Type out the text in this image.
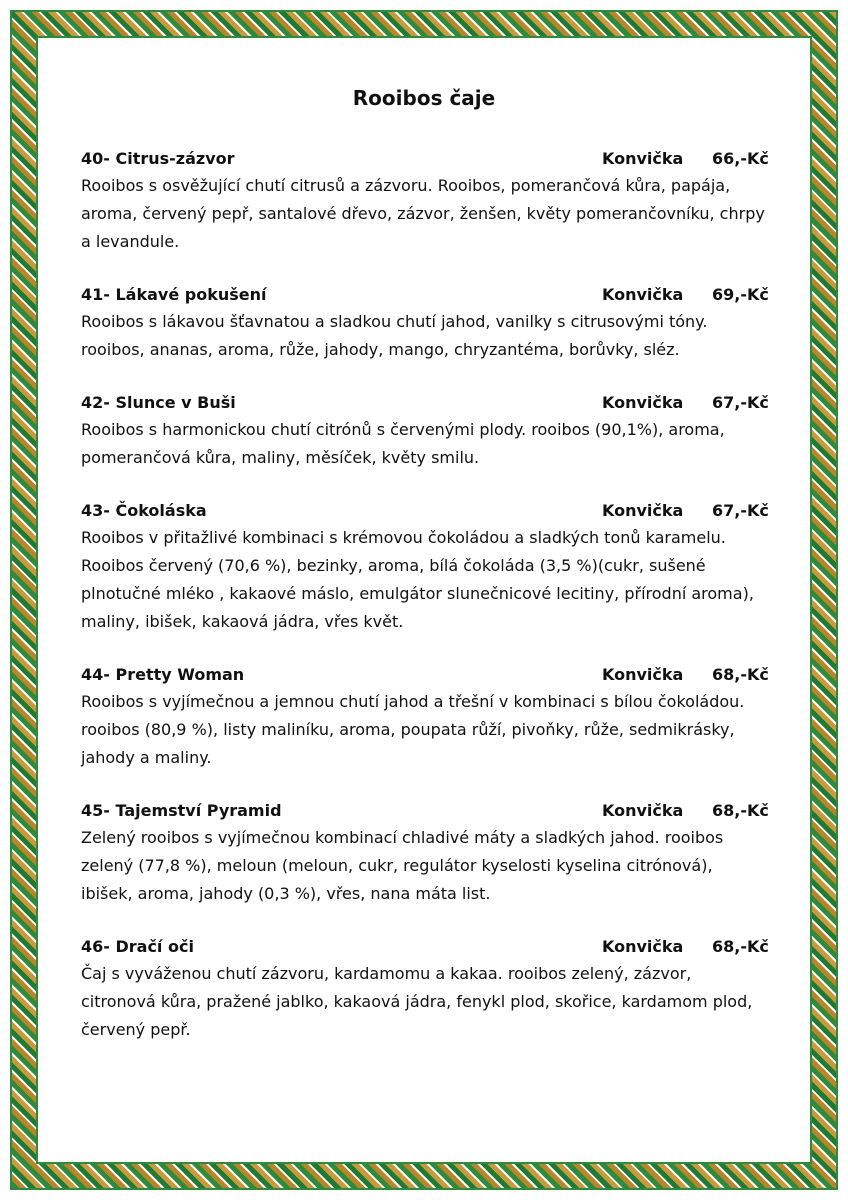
Rooibos čaje
40- Citrus-zázvor	Konvička 66,-Kč
Rooibos s osvěžující chutí citrusů a zázvoru. Rooibos, pomerančová kůra, papája,
aroma, červený pepř, santalové dřevo, zázvor, ženšen, květy pomerančovníku, chrpy
a levandule.
41- Lákavé pokušení	Konvička 69,-Kč
Rooibos s lákavou šťavnatou a sladkou chutí jahod, vanilky s citrusovými tóny.
rooibos, ananas, aroma, růže, jahody, mango, chryzantéma, borůvky, sléz.
42- Slunce v Buši	Konvička 67,-Kč
Rooibos s harmonickou chutí citrónů s červenými plody. rooibos (90,1%), aroma,
pomerančová kůra, maliny, měsíček, květy smilu.
43- Čokoláska	Konvička 67,-Kč
Rooibos v přitažlivé kombinaci s krémovou čokoládou a sladkých tonů karamelu.
Rooibos červený (70,6 %), bezinky, aroma, bílá čokoláda (3,5 %)(cukr, sušené
plnotučné mléko , kakaové máslo, emulgátor slunečnicové lecitiny, přírodní aroma),
maliny, ibišek, kakaová jádra, vřes květ.
44- Pretty Woman	Konvička 68,-Kč
Rooibos s vyjímečnou a jemnou chutí jahod a třešní v kombinaci s bílou čokoládou.
rooibos (80,9 %), listy maliníku, aroma, poupata růží, pivoňky, růže, sedmikrásky,
jahody a maliny.
45- Tajemství Pyramid	Konvička 68,-Kč
Zelený rooibos s vyjímečnou kombinací chladivé máty a sladkých jahod. rooibos
zelený (77,8 %), meloun (meloun, cukr, regulátor kyselosti kyselina citrónová),
ibišek, aroma, jahody (0,3 %), vřes, nana máta list.
46- Dračí oči	Konvička 68,-Kč
Čaj s vyváženou chutí zázvoru, kardamomu a kakaa. rooibos zelený, zázvor,
citronová kůra, pražené jablko, kakaová jádra, fenykl plod, skořice, kardamom plod,
červený pepř.
